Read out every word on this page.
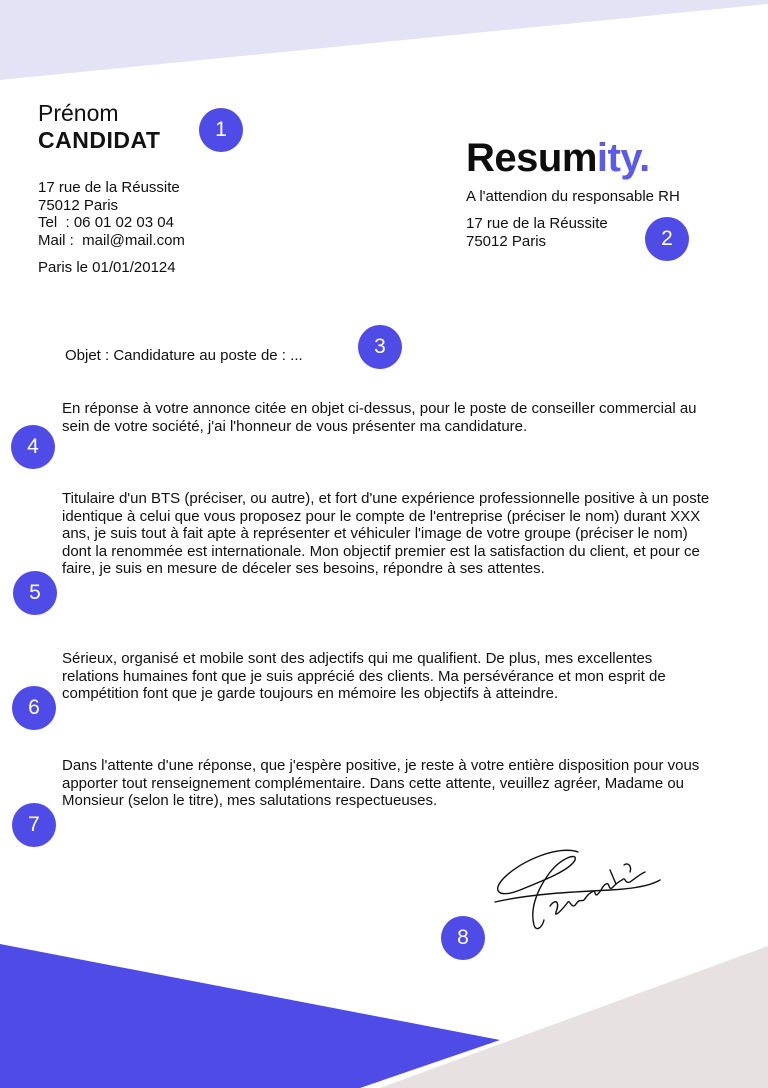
Prénom
CANDIDAT	1
17 rue de la Réussite
75012 Paris
Tel  : 06 01 02 03 04
Mail :  mail@mail.com
Paris le 01/01/20124
Resumity.
A l'attendion du responsable RH
17 rue de la Réussite
75012 Paris	2
Objet : Candidature au poste de : ...	3
En réponse à votre annonce citée en objet ci-dessus, pour le poste de conseiller commercial au sein de votre société, j'ai l'honneur de vous présenter ma candidature.
4
Titulaire d'un BTS (préciser, ou autre), et fort d'une expérience professionnelle positive à un poste identique à celui que vous proposez pour le compte de l'entreprise (préciser le nom) durant XXX ans, je suis tout à fait apte à représenter et véhiculer l'image de votre groupe (préciser le nom) dont la renommée est internationale. Mon objectif premier est la satisfaction du client, et pour ce faire, je suis en mesure de déceler ses besoins, répondre à ses attentes.
5
Sérieux, organisé et mobile sont des adjectifs qui me qualifient. De plus, mes excellentes relations humaines font que je suis apprécié des clients. Ma persévérance et mon esprit de compétition font que je garde toujours en mémoire les objectifs à atteindre.
6
Dans l'attente d'une réponse, que j'espère positive, je reste à votre entière disposition pour vous apporter tout renseignement complémentaire. Dans cette attente, veuillez agréer, Madame ou Monsieur (selon le titre), mes salutations respectueuses.
7
8
